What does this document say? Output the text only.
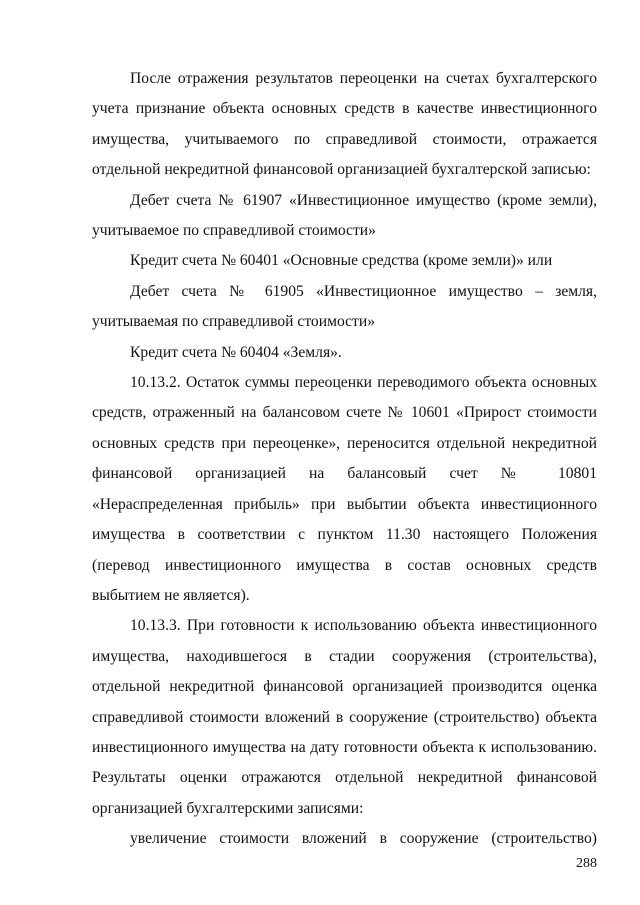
После отражения результатов переоценки на счетах бухгалтерского учета признание объекта основных средств в качестве инвестиционного имущества, учитываемого по справедливой стоимости, отражается отдельной некредитной финансовой организацией бухгалтерской записью:

Дебет счета № 61907 «Инвестиционное имущество (кроме земли), учитываемое по справедливой стоимости»

Кредит счета № 60401 «Основные средства (кроме земли)» или

Дебет счета № 61905 «Инвестиционное имущество – земля, учитываемая по справедливой стоимости»

Кредит счета № 60404 «Земля».

10.13.2. Остаток суммы переоценки переводимого объекта основных средств, отраженный на балансовом счете № 10601 «Прирост стоимости основных средств при переоценке», переносится отдельной некредитной финансовой организацией на балансовый счет № 10801 «Нераспределенная прибыль» при выбытии объекта инвестиционного имущества в соответствии с пунктом 11.30 настоящего Положения (перевод инвестиционного имущества в состав основных средств выбытием не является).

10.13.3. При готовности к использованию объекта инвестиционного имущества, находившегося в стадии сооружения (строительства), отдельной некредитной финансовой организацией производится оценка справедливой стоимости вложений в сооружение (строительство) объекта инвестиционного имущества на дату готовности объекта к использованию. Результаты оценки отражаются отдельной некредитной финансовой организацией бухгалтерскими записями:

увеличение стоимости вложений в сооружение (строительство)

288
